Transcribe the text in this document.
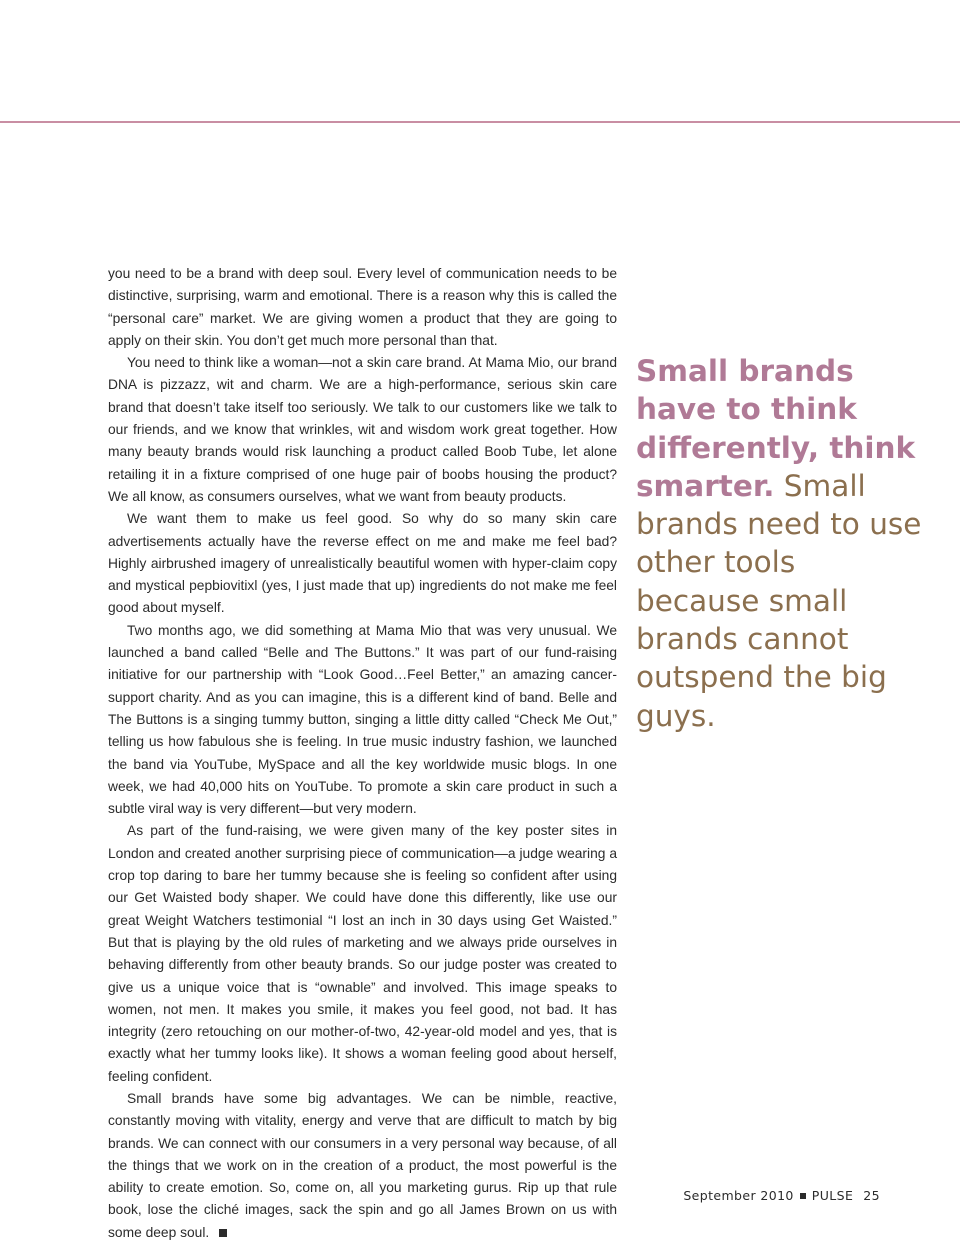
you need to be a brand with deep soul. Every level of communication needs to be distinctive, surprising, warm and emotional. There is a reason why this is called the “personal care” market. We are giving women a product that they are going to apply on their skin. You don’t get much more personal than that.

You need to think like a woman—not a skin care brand. At Mama Mio, our brand DNA is pizzazz, wit and charm. We are a high-performance, serious skin care brand that doesn’t take itself too seriously. We talk to our customers like we talk to our friends, and we know that wrinkles, wit and wisdom work great together. How many beauty brands would risk launching a product called Boob Tube, let alone retailing it in a fixture comprised of one huge pair of boobs housing the product? We all know, as consumers ourselves, what we want from beauty products.

We want them to make us feel good. So why do so many skin care advertisements actually have the reverse effect on me and make me feel bad? Highly airbrushed imagery of unrealistically beautiful women with hyper-claim copy and mystical pepbiovitixl (yes, I just made that up) ingredients do not make me feel good about myself.

Two months ago, we did something at Mama Mio that was very unusual. We launched a band called “Belle and The Buttons.” It was part of our fund-raising initiative for our partnership with “Look Good…Feel Better,” an amazing cancer-support charity. And as you can imagine, this is a different kind of band. Belle and The Buttons is a singing tummy button, singing a little ditty called “Check Me Out,” telling us how fabulous she is feeling. In true music industry fashion, we launched the band via YouTube, MySpace and all the key worldwide music blogs. In one week, we had 40,000 hits on YouTube. To promote a skin care product in such a subtle viral way is very different—but very modern.

As part of the fund-raising, we were given many of the key poster sites in London and created another surprising piece of communication—a judge wearing a crop top daring to bare her tummy because she is feeling so confident after using our Get Waisted body shaper. We could have done this differently, like use our great Weight Watchers testimonial “I lost an inch in 30 days using Get Waisted.” But that is playing by the old rules of marketing and we always pride ourselves in behaving differently from other beauty brands. So our judge poster was created to give us a unique voice that is “ownable” and involved. This image speaks to women, not men. It makes you smile, it makes you feel good, not bad. It has integrity (zero retouching on our mother-of-two, 42-year-old model and yes, that is exactly what her tummy looks like). It shows a woman feeling good about herself, feeling confident.

Small brands have some big advantages. We can be nimble, reactive, constantly moving with vitality, energy and verve that are difficult to match by big brands. We can connect with our consumers in a very personal way because, of all the things that we work on in the creation of a product, the most powerful is the ability to create emotion. So, come on, all you marketing gurus. Rip up that rule book, lose the cliché images, sack the spin and go all James Brown on us with some deep soul.

Small brands have to think differently, think smarter. Small brands need to use other tools because small brands cannot outspend the big guys.
September 2010 PULSE 25
